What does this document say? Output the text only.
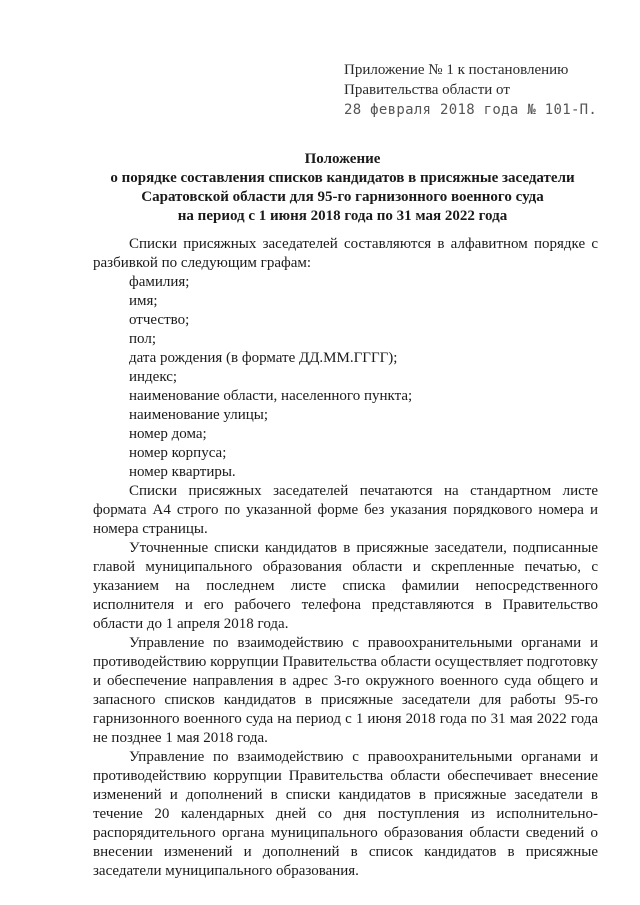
Приложение № 1 к постановлению
Правительства области от
28 февраля 2018 года № 101-П.
Положение
о порядке составления списков кандидатов в присяжные заседатели
Саратовской области для 95-го гарнизонного военного суда
на период с 1 июня 2018 года по 31 мая 2022 года

Списки присяжных заседателей составляются в алфавитном порядке с разбивкой по следующим графам:

фамилия;
имя;
отчество;
пол;
дата рождения (в формате ДД.ММ.ГГГГ);
индекс;
наименование области, населенного пункта;
наименование улицы;
номер дома;
номер корпуса;
номер квартиры.

Списки присяжных заседателей печатаются на стандартном листе формата А4 строго по указанной форме без указания порядкового номера и номера страницы.

Уточненные списки кандидатов в присяжные заседатели, подписанные главой муниципального образования области и скрепленные печатью, с указанием на последнем листе списка фамилии непосредственного исполнителя и его рабочего телефона представляются в Правительство области до 1 апреля 2018 года.

Управление по взаимодействию с правоохранительными органами и противодействию коррупции Правительства области осуществляет подготовку и обеспечение направления в адрес 3-го окружного военного суда общего и запасного списков кандидатов в присяжные заседатели для работы 95-го гарнизонного военного суда на период с 1 июня 2018 года по 31 мая 2022 года не позднее 1 мая 2018 года.

Управление по взаимодействию с правоохранительными органами и противодействию коррупции Правительства области обеспечивает внесение изменений и дополнений в списки кандидатов в присяжные заседатели в течение 20 календарных дней со дня поступления из исполнительно-распорядительного органа муниципального образования области сведений о внесении изменений и дополнений в список кандидатов в присяжные заседатели муниципального образования.
